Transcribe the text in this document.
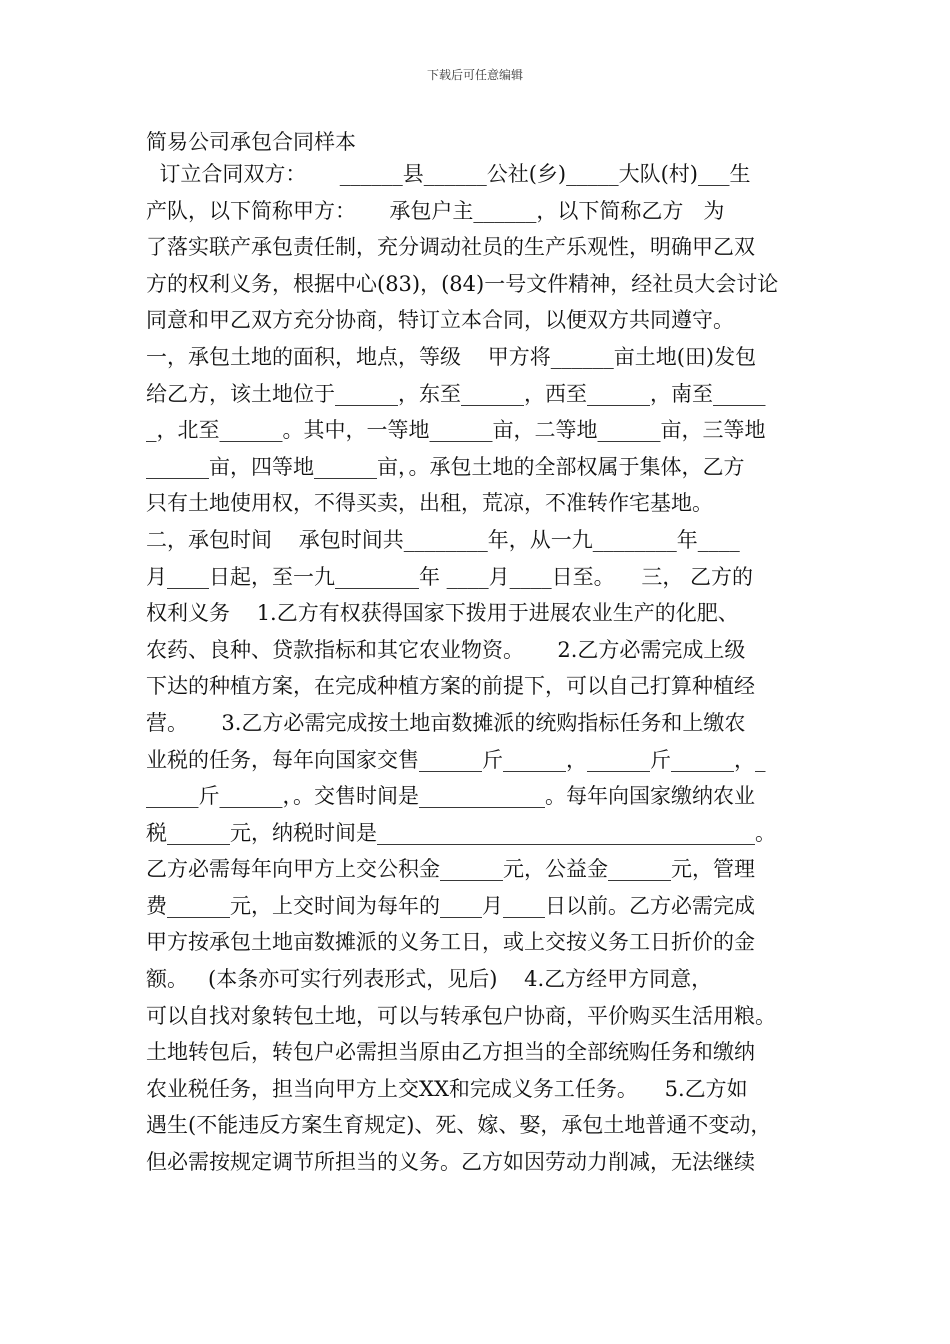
下载后可任意编辑
简易公司承包合同样本
订立合同双方：     ______县______公社(乡)_____大队(村)___生
产队，以下简称甲方：     承包户主______，以下简称乙方   为
了落实联产承包责任制，充分调动社员的生产乐观性，明确甲乙双
方的权利义务，根据中心(83)，(84)一号文件精神，经社员大会讨论
同意和甲乙双方充分协商，特订立本合同，以便双方共同遵守。
一，承包土地的面积，地点，等级    甲方将______亩土地(田)发包
给乙方，该土地位于______，东至______，西至______，南至_____
_，北至______。其中，一等地______亩，二等地______亩，三等地
______亩，四等地______亩，。承包土地的全部权属于集体，乙方
只有土地使用权，不得买卖，出租，荒凉，不准转作宅基地。
二，承包时间    承包时间共________年，从一九________年____
月____日起，至一九________年 ____月____日至。    三， 乙方的
权利义务    1.乙方有权获得国家下拨用于进展农业生产的化肥、
农药、良种、贷款指标和其它农业物资。     2.乙方必需完成上级
下达的种植方案，在完成种植方案的前提下，可以自己打算种植经
营。     3.乙方必需完成按土地亩数摊派的统购指标任务和上缴农
业税的任务，每年向国家交售______斤______，______斤______，_
_____斤______，。交售时间是____________。每年向国家缴纳农业
税______元，纳税时间是____________________________________。
乙方必需每年向甲方上交公积金______元，公益金______元，管理
费______元，上交时间为每年的____月____日以前。乙方必需完成
甲方按承包土地亩数摊派的义务工日，或上交按义务工日折价的金
额。   (本条亦可实行列表形式，见后)    4.乙方经甲方同意，
可以自找对象转包土地，可以与转承包户协商，平价购买生活用粮。
土地转包后，转包户必需担当原由乙方担当的全部统购任务和缴纳
农业税任务，担当向甲方上交XX和完成义务工任务。    5.乙方如
遇生(不能违反方案生育规定)、死、嫁、娶，承包土地普通不变动，
但必需按规定调节所担当的义务。乙方如因劳动力削减，无法继续
